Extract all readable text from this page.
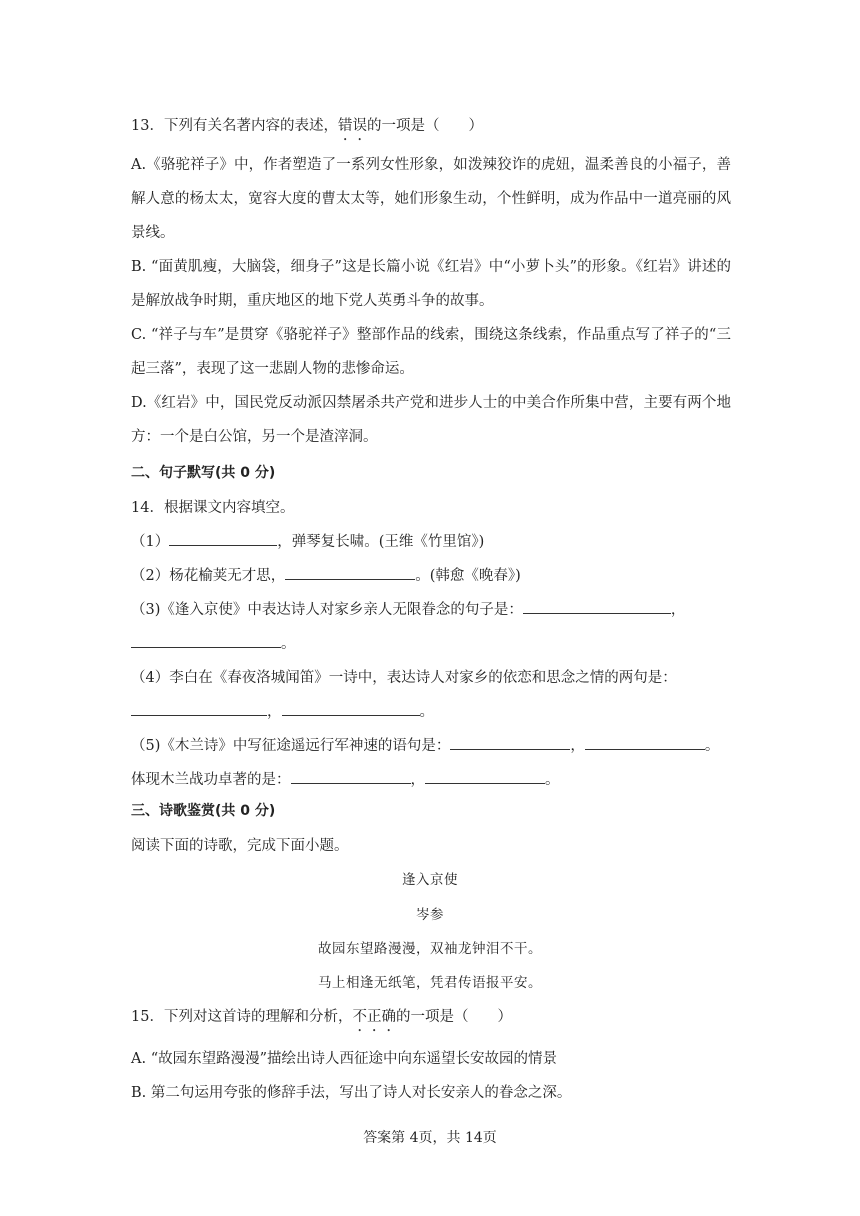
13．下列有关名著内容的表述，错误的一项是（　　）
A.《骆驼祥子》中，作者塑造了一系列女性形象，如泼辣狡诈的虎妞，温柔善良的小福子，善解人意的杨太太，宽容大度的曹太太等，她们形象生动，个性鲜明，成为作品中一道亮丽的风景线。
B. “面黄肌瘦，大脑袋，细身子”这是长篇小说《红岩》中“小萝卜头”的形象。《红岩》讲述的是解放战争时期，重庆地区的地下党人英勇斗争的故事。
C. “祥子与车”是贯穿《骆驼祥子》整部作品的线索，围绕这条线索，作品重点写了祥子的“三起三落”，表现了这一悲剧人物的悲惨命运。
D.《红岩》中，国民党反动派囚禁屠杀共产党和进步人士的中美合作所集中营，主要有两个地方：一个是白公馆，另一个是渣滓洞。
二、句子默写(共 0 分)
14．根据课文内容填空。
（1）	，弹琴复长啸。(王维《竹里馆》)
（2）杨花榆荚无才思，	。(韩愈《晚春》)
（3)《逢入京使》中表达诗人对家乡亲人无限眷念的句子是：	，
。
（4）李白在《春夜洛城闻笛》一诗中，表达诗人对家乡的依恋和思念之情的两句是：
，	。
（5)《木兰诗》中写征途遥远行军神速的语句是：	，	。
体现木兰战功卓著的是：	，	。
三、诗歌鉴赏(共 0 分)
阅读下面的诗歌，完成下面小题。
逢入京使
岑参
故园东望路漫漫，双袖龙钟泪不干。
马上相逢无纸笔，凭君传语报平安。
15．下列对这首诗的理解和分析，不正确的一项是（　　）
A. “故园东望路漫漫”描绘出诗人西征途中向东遥望长安故园的情景
B. 第二句运用夸张的修辞手法，写出了诗人对长安亲人的眷念之深。
答案第 4页，共 14页
